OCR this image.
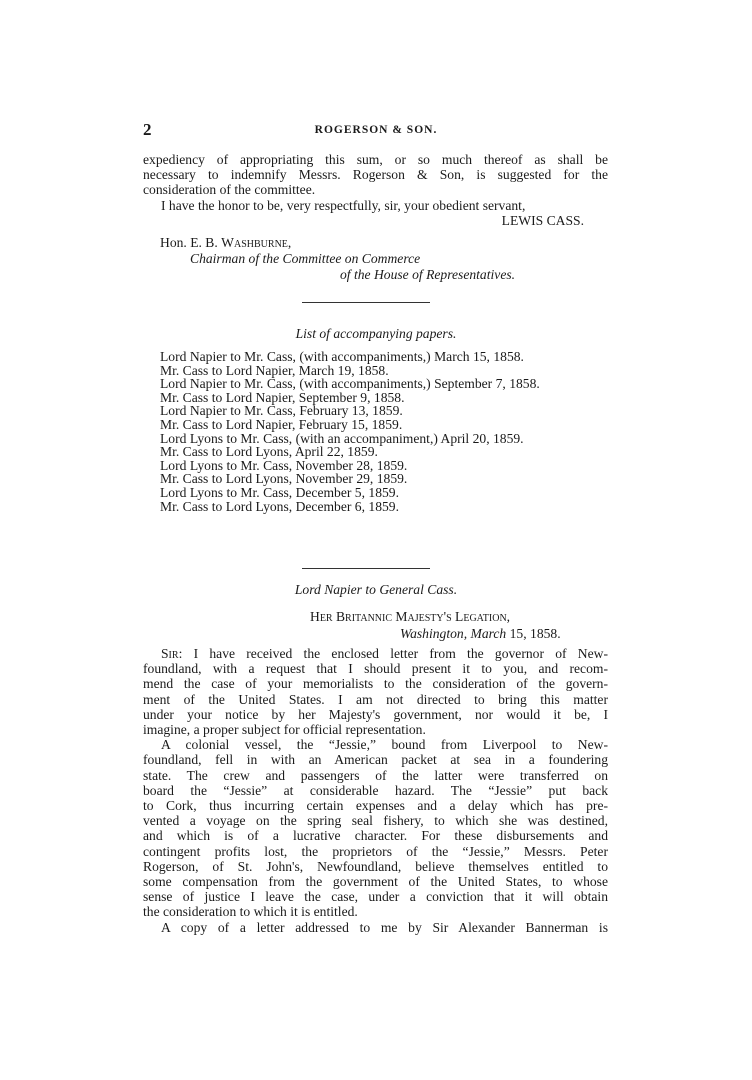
2	ROGERSON & SON.
expediency of appropriating this sum, or so much thereof as shall be
necessary to indemnify Messrs. Rogerson & Son, is suggested for the
consideration of the committee.
I have the honor to be, very respectfully, sir, your obedient servant,
LEWIS CASS.
Hon. E. B. Washburne,
Chairman of the Committee on Commerce
of the House of Representatives.
List of accompanying papers.
Lord Napier to Mr. Cass, (with accompaniments,) March 15, 1858.
Mr. Cass to Lord Napier, March 19, 1858.
Lord Napier to Mr. Cass, (with accompaniments,) September 7, 1858.
Mr. Cass to Lord Napier, September 9, 1858.
Lord Napier to Mr. Cass, February 13, 1859.
Mr. Cass to Lord Napier, February 15, 1859.
Lord Lyons to Mr. Cass, (with an accompaniment,) April 20, 1859.
Mr. Cass to Lord Lyons, April 22, 1859.
Lord Lyons to Mr. Cass, November 28, 1859.
Mr. Cass to Lord Lyons, November 29, 1859.
Lord Lyons to Mr. Cass, December 5, 1859.
Mr. Cass to Lord Lyons, December 6, 1859.
Lord Napier to General Cass.
Her Britannic Majesty's Legation,
Washington, March 15, 1858.
Sir: I have received the enclosed letter from the governor of New-
foundland, with a request that I should present it to you, and recom-
mend the case of your memorialists to the consideration of the govern-
ment of the United States. I am not directed to bring this matter
under your notice by her Majesty's government, nor would it be, I
imagine, a proper subject for official representation.
A colonial vessel, the “Jessie,” bound from Liverpool to New-
foundland, fell in with an American packet at sea in a foundering
state. The crew and passengers of the latter were transferred on
board the “Jessie” at considerable hazard. The “Jessie” put back
to Cork, thus incurring certain expenses and a delay which has pre-
vented a voyage on the spring seal fishery, to which she was destined,
and which is of a lucrative character. For these disbursements and
contingent profits lost, the proprietors of the “Jessie,” Messrs. Peter
Rogerson, of St. John's, Newfoundland, believe themselves entitled to
some compensation from the government of the United States, to whose
sense of justice I leave the case, under a conviction that it will obtain
the consideration to which it is entitled.
A copy of a letter addressed to me by Sir Alexander Bannerman is
